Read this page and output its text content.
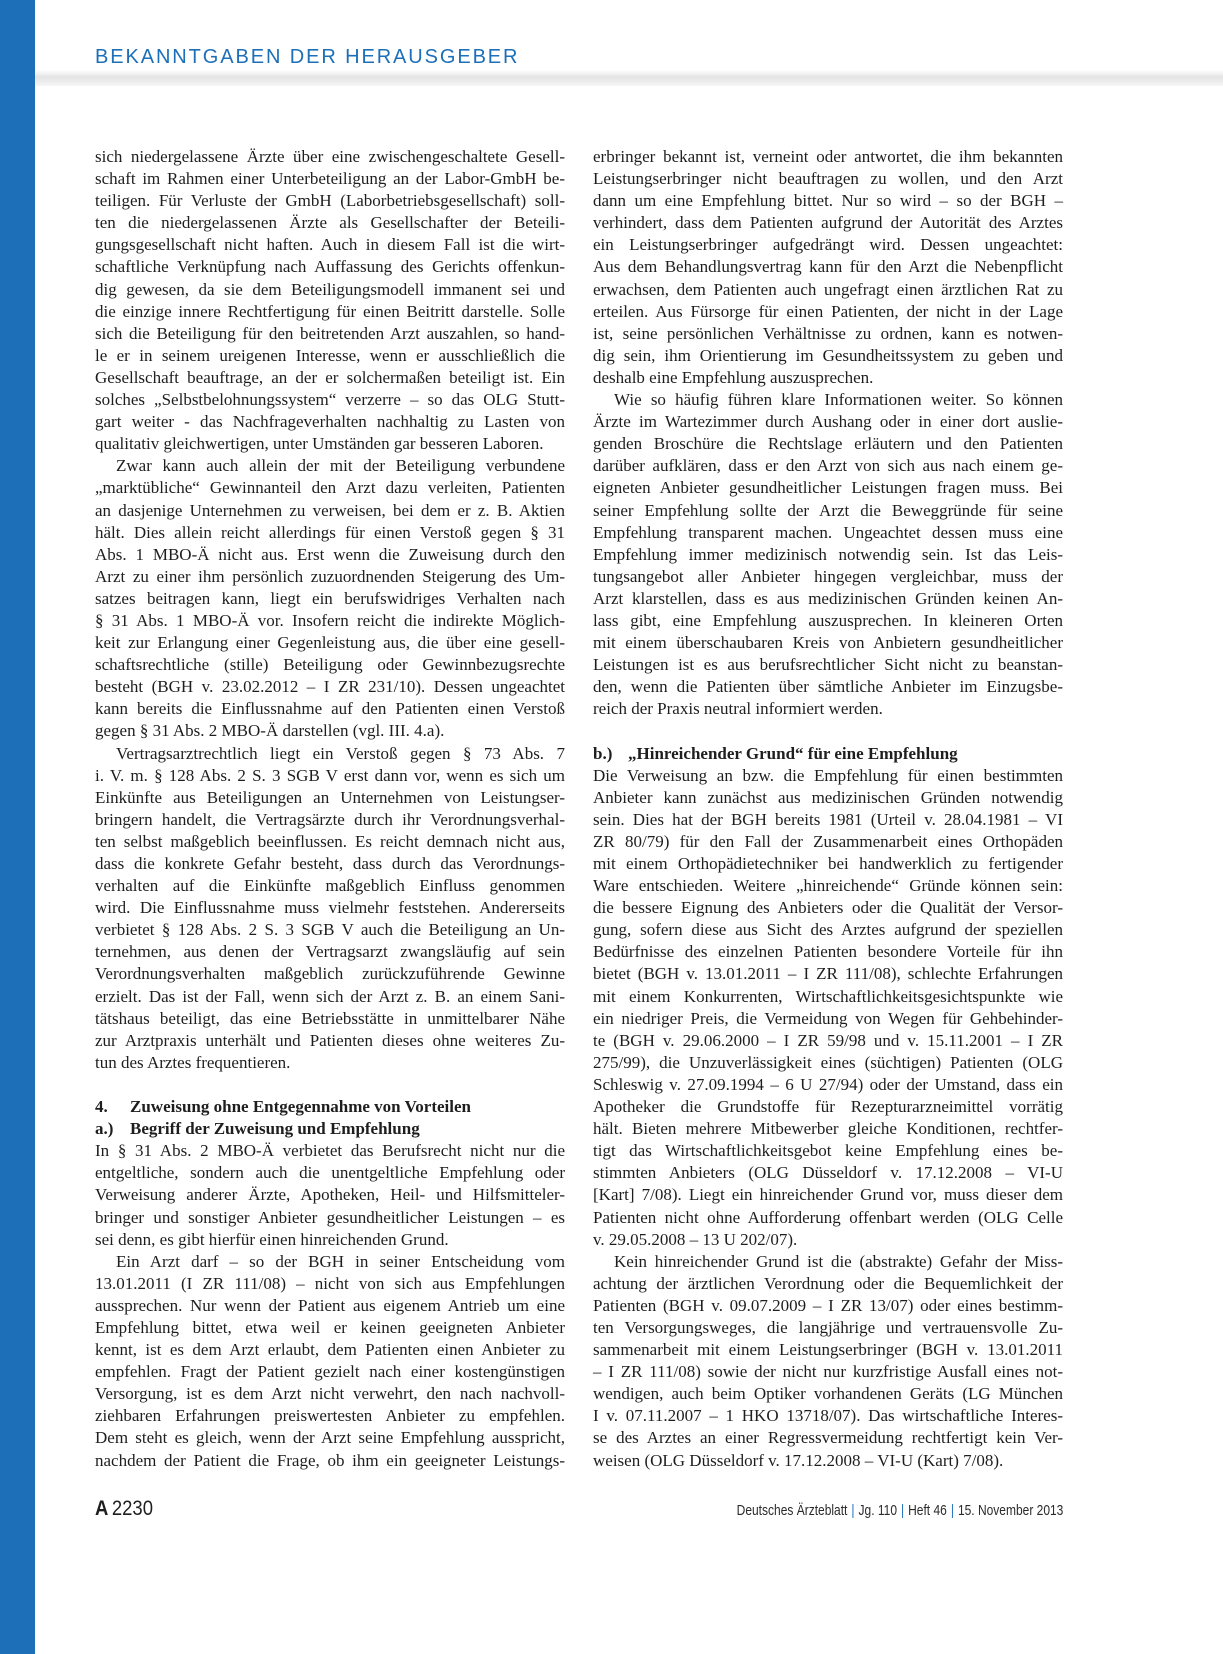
BEKANNTGABEN DER HERAUSGEBER
sich niedergelassene Ärzte über eine zwischengeschaltete Gesell-
schaft im Rahmen einer Unterbeteiligung an der Labor-GmbH be-
teiligen. Für Verluste der GmbH (Laborbetriebsgesellschaft) soll-
ten die niedergelassenen Ärzte als Gesellschafter der Beteili-
gungsgesellschaft nicht haften. Auch in diesem Fall ist die wirt-
schaftliche Verknüpfung nach Auffassung des Gerichts offenkun-
dig gewesen, da sie dem Beteiligungsmodell immanent sei und
die einzige innere Rechtfertigung für einen Beitritt darstelle. Solle
sich die Beteiligung für den beitretenden Arzt auszahlen, so hand-
le er in seinem ureigenen Interesse, wenn er ausschließlich die
Gesellschaft beauftrage, an der er solchermaßen beteiligt ist. Ein
solches „Selbstbelohnungssystem“ verzerre – so das OLG Stutt-
gart weiter - das Nachfrageverhalten nachhaltig zu Lasten von
qualitativ gleichwertigen, unter Umständen gar besseren Laboren.
Zwar kann auch allein der mit der Beteiligung verbundene
„marktübliche“ Gewinnanteil den Arzt dazu verleiten, Patienten
an dasjenige Unternehmen zu verweisen, bei dem er z. B. Aktien
hält. Dies allein reicht allerdings für einen Verstoß gegen § 31
Abs. 1 MBO-Ä nicht aus. Erst wenn die Zuweisung durch den
Arzt zu einer ihm persönlich zuzuordnenden Steigerung des Um-
satzes beitragen kann, liegt ein berufswidriges Verhalten nach
§ 31 Abs. 1 MBO-Ä vor. Insofern reicht die indirekte Möglich-
keit zur Erlangung einer Gegenleistung aus, die über eine gesell-
schaftsrechtliche (stille) Beteiligung oder Gewinnbezugsrechte
besteht (BGH v. 23.02.2012 – I ZR 231/10). Dessen ungeachtet
kann bereits die Einflussnahme auf den Patienten einen Verstoß
gegen § 31 Abs. 2 MBO-Ä darstellen (vgl. III. 4.a).
Vertragsarztrechtlich liegt ein Verstoß gegen § 73 Abs. 7
i. V. m. § 128 Abs. 2 S. 3 SGB V erst dann vor, wenn es sich um
Einkünfte aus Beteiligungen an Unternehmen von Leistungser-
bringern handelt, die Vertragsärzte durch ihr Verordnungsverhal-
ten selbst maßgeblich beeinflussen. Es reicht demnach nicht aus,
dass die konkrete Gefahr besteht, dass durch das Verordnungs-
verhalten auf die Einkünfte maßgeblich Einfluss genommen
wird. Die Einflussnahme muss vielmehr feststehen. Andererseits
verbietet § 128 Abs. 2 S. 3 SGB V auch die Beteiligung an Un-
ternehmen, aus denen der Vertragsarzt zwangsläufig auf sein
Verordnungsverhalten maßgeblich zurückzuführende Gewinne
erzielt. Das ist der Fall, wenn sich der Arzt z. B. an einem Sani-
tätshaus beteiligt, das eine Betriebsstätte in unmittelbarer Nähe
zur Arztpraxis unterhält und Patienten dieses ohne weiteres Zu-
tun des Arztes frequentieren.
4. Zuweisung ohne Entgegennahme von Vorteilen
a.) Begriff der Zuweisung und Empfehlung
In § 31 Abs. 2 MBO-Ä verbietet das Berufsrecht nicht nur die
entgeltliche, sondern auch die unentgeltliche Empfehlung oder
Verweisung anderer Ärzte, Apotheken, Heil- und Hilfsmitteler-
bringer und sonstiger Anbieter gesundheitlicher Leistungen – es
sei denn, es gibt hierfür einen hinreichenden Grund.
Ein Arzt darf – so der BGH in seiner Entscheidung vom
13.01.2011 (I ZR 111/08) – nicht von sich aus Empfehlungen
aussprechen. Nur wenn der Patient aus eigenem Antrieb um eine
Empfehlung bittet, etwa weil er keinen geeigneten Anbieter
kennt, ist es dem Arzt erlaubt, dem Patienten einen Anbieter zu
empfehlen. Fragt der Patient gezielt nach einer kostengünstigen
Versorgung, ist es dem Arzt nicht verwehrt, den nach nachvoll-
ziehbaren Erfahrungen preiswertesten Anbieter zu empfehlen.
Dem steht es gleich, wenn der Arzt seine Empfehlung ausspricht,
nachdem der Patient die Frage, ob ihm ein geeigneter Leistungs-
erbringer bekannt ist, verneint oder antwortet, die ihm bekannten
Leistungserbringer nicht beauftragen zu wollen, und den Arzt
dann um eine Empfehlung bittet. Nur so wird – so der BGH –
verhindert, dass dem Patienten aufgrund der Autorität des Arztes
ein Leistungserbringer aufgedrängt wird. Dessen ungeachtet:
Aus dem Behandlungsvertrag kann für den Arzt die Nebenpflicht
erwachsen, dem Patienten auch ungefragt einen ärztlichen Rat zu
erteilen. Aus Fürsorge für einen Patienten, der nicht in der Lage
ist, seine persönlichen Verhältnisse zu ordnen, kann es notwen-
dig sein, ihm Orientierung im Gesundheitssystem zu geben und
deshalb eine Empfehlung auszusprechen.
Wie so häufig führen klare Informationen weiter. So können
Ärzte im Wartezimmer durch Aushang oder in einer dort auslie-
genden Broschüre die Rechtslage erläutern und den Patienten
darüber aufklären, dass er den Arzt von sich aus nach einem ge-
eigneten Anbieter gesundheitlicher Leistungen fragen muss. Bei
seiner Empfehlung sollte der Arzt die Beweggründe für seine
Empfehlung transparent machen. Ungeachtet dessen muss eine
Empfehlung immer medizinisch notwendig sein. Ist das Leis-
tungsangebot aller Anbieter hingegen vergleichbar, muss der
Arzt klarstellen, dass es aus medizinischen Gründen keinen An-
lass gibt, eine Empfehlung auszusprechen. In kleineren Orten
mit einem überschaubaren Kreis von Anbietern gesundheitlicher
Leistungen ist es aus berufsrechtlicher Sicht nicht zu beanstan-
den, wenn die Patienten über sämtliche Anbieter im Einzugsbe-
reich der Praxis neutral informiert werden.
b.) „Hinreichender Grund“ für eine Empfehlung
Die Verweisung an bzw. die Empfehlung für einen bestimmten
Anbieter kann zunächst aus medizinischen Gründen notwendig
sein. Dies hat der BGH bereits 1981 (Urteil v. 28.04.1981 – VI
ZR 80/79) für den Fall der Zusammenarbeit eines Orthopäden
mit einem Orthopädietechniker bei handwerklich zu fertigender
Ware entschieden. Weitere „hinreichende“ Gründe können sein:
die bessere Eignung des Anbieters oder die Qualität der Versor-
gung, sofern diese aus Sicht des Arztes aufgrund der speziellen
Bedürfnisse des einzelnen Patienten besondere Vorteile für ihn
bietet (BGH v. 13.01.2011 – I ZR 111/08), schlechte Erfahrungen
mit einem Konkurrenten, Wirtschaftlichkeitsgesichtspunkte wie
ein niedriger Preis, die Vermeidung von Wegen für Gehbehinder-
te (BGH v. 29.06.2000 – I ZR 59/98 und v. 15.11.2001 – I ZR
275/99), die Unzuverlässigkeit eines (süchtigen) Patienten (OLG
Schleswig v. 27.09.1994 – 6 U 27/94) oder der Umstand, dass ein
Apotheker die Grundstoffe für Rezepturarzneimittel vorrätig
hält. Bieten mehrere Mitbewerber gleiche Konditionen, rechtfer-
tigt das Wirtschaftlichkeitsgebot keine Empfehlung eines be-
stimmten Anbieters (OLG Düsseldorf v. 17.12.2008 – VI-U
[Kart] 7/08). Liegt ein hinreichender Grund vor, muss dieser dem
Patienten nicht ohne Aufforderung offenbart werden (OLG Celle
v. 29.05.2008 – 13 U 202/07).
Kein hinreichender Grund ist die (abstrakte) Gefahr der Miss-
achtung der ärztlichen Verordnung oder die Bequemlichkeit der
Patienten (BGH v. 09.07.2009 – I ZR 13/07) oder eines bestimm-
ten Versorgungsweges, die langjährige und vertrauensvolle Zu-
sammenarbeit mit einem Leistungserbringer (BGH v. 13.01.2011
– I ZR 111/08) sowie der nicht nur kurzfristige Ausfall eines not-
wendigen, auch beim Optiker vorhandenen Geräts (LG München
I v. 07.11.2007 – 1 HKO 13718/07). Das wirtschaftliche Interes-
se des Arztes an einer Regressvermeidung rechtfertigt kein Ver-
weisen (OLG Düsseldorf v. 17.12.2008 – VI-U (Kart) 7/08).
A 2230	Deutsches Ärzteblatt | Jg. 110 | Heft 46 | 15. November 2013
